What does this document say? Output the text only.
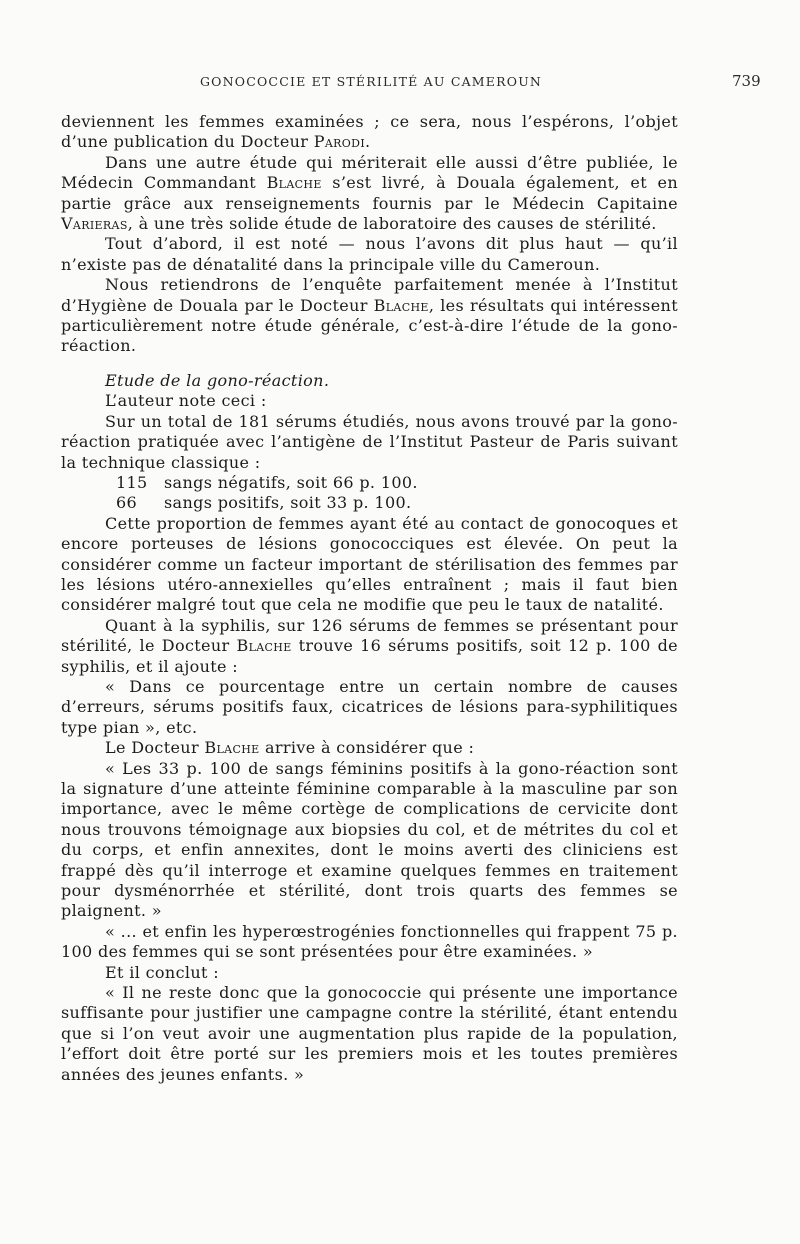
GONOCOCCIE ET STÉRILITÉ AU CAMEROUN	739

deviennent les femmes examinées ; ce sera, nous l’espérons, l’objet d’une publication du Docteur Parodi.

Dans une autre étude qui mériterait elle aussi d’être publiée, le Médecin Commandant Blache s’est livré, à Douala également, et en partie grâce aux renseignements fournis par le Médecin Capitaine Varieras, à une très solide étude de laboratoire des causes de stérilité.

Tout d’abord, il est noté — nous l’avons dit plus haut — qu’il n’existe pas de dénatalité dans la principale ville du Cameroun.

Nous retiendrons de l’enquête parfaitement menée à l’Institut d’Hygiène de Douala par le Docteur Blache, les résultats qui intéressent particulièrement notre étude générale, c’est-à-dire l’étude de la gono-réaction.

Etude de la gono-réaction.

L’auteur note ceci :

Sur un total de 181 sérums étudiés, nous avons trouvé par la gono-réaction pratiquée avec l’antigène de l’Institut Pasteur de Paris suivant la technique classique :

115 sangs négatifs, soit 66 p. 100.

66 sangs positifs, soit 33 p. 100.

Cette proportion de femmes ayant été au contact de gonocoques et encore porteuses de lésions gonococciques est élevée. On peut la considérer comme un facteur important de stérilisation des femmes par les lésions utéro-annexielles qu’elles entraînent ; mais il faut bien considérer malgré tout que cela ne modifie que peu le taux de natalité.

Quant à la syphilis, sur 126 sérums de femmes se présentant pour stérilité, le Docteur Blache trouve 16 sérums positifs, soit 12 p. 100 de syphilis, et il ajoute :

« Dans ce pourcentage entre un certain nombre de causes d’erreurs, sérums positifs faux, cicatrices de lésions para-syphilitiques type pian », etc.

Le Docteur Blache arrive à considérer que :

« Les 33 p. 100 de sangs féminins positifs à la gono-réaction sont la signature d’une atteinte féminine comparable à la masculine par son importance, avec le même cortège de complications de cervicite dont nous trouvons témoignage aux biopsies du col, et de métrites du col et du corps, et enfin annexites, dont le moins averti des cliniciens est frappé dès qu’il interroge et examine quelques femmes en traitement pour dysménorrhée et stérilité, dont trois quarts des femmes se plaignent. »

« ... et enfin les hyperœstrogénies fonctionnelles qui frappent 75 p. 100 des femmes qui se sont présentées pour être examinées. »

Et il conclut :

« Il ne reste donc que la gonococcie qui présente une importance suffisante pour justifier une campagne contre la stérilité, étant entendu que si l’on veut avoir une augmentation plus rapide de la population, l’effort doit être porté sur les premiers mois et les toutes premières années des jeunes enfants. »
